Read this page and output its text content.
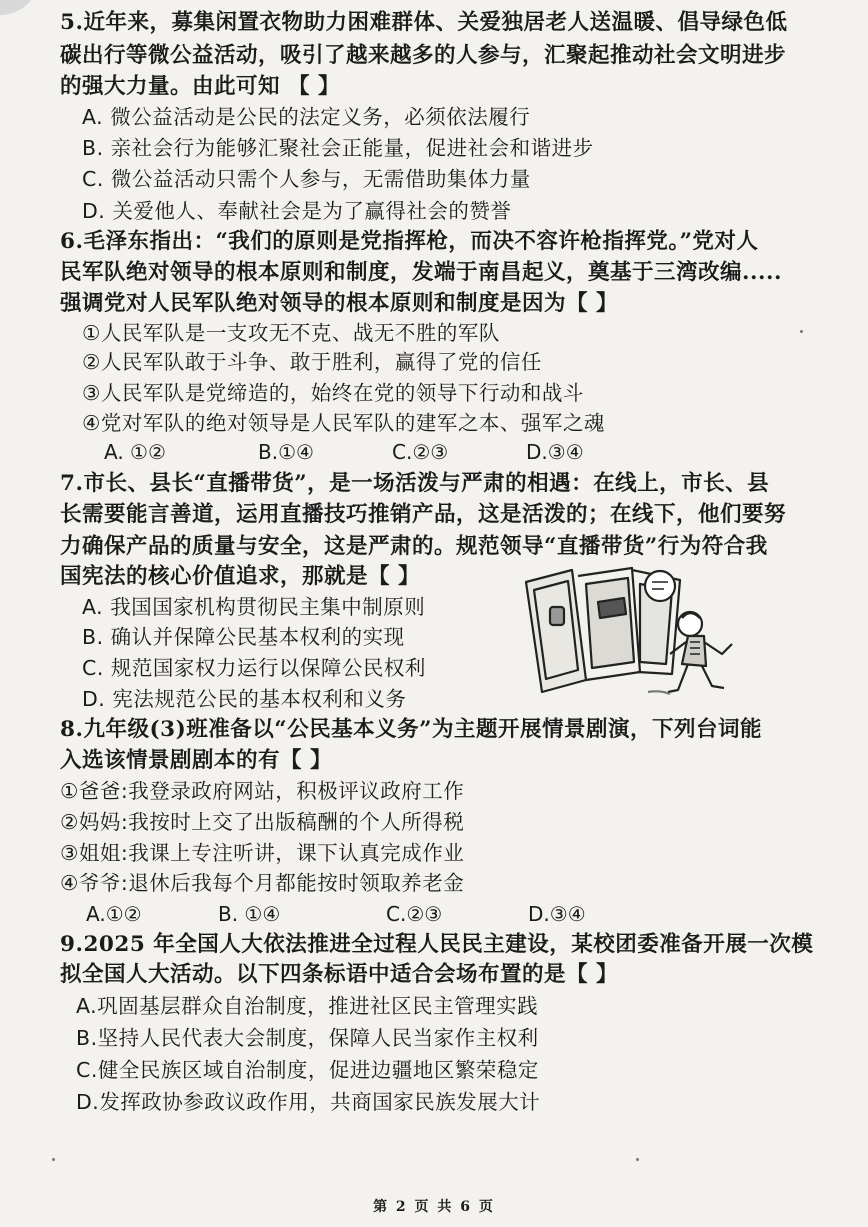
5.近年来，募集闲置衣物助力困难群体、关爱独居老人送温暖、倡导绿色低
碳出行等微公益活动，吸引了越来越多的人参与，汇聚起推动社会文明进步
的强大力量。由此可知 【 】
A. 微公益活动是公民的法定义务，必须依法履行
B. 亲社会行为能够汇聚社会正能量，促进社会和谐进步
C. 微公益活动只需个人参与，无需借助集体力量
D. 关爱他人、奉献社会是为了赢得社会的赞誉
6.毛泽东指出：“我们的原则是党指挥枪，而决不容许枪指挥党。”党对人
民军队绝对领导的根本原则和制度，发端于南昌起义，奠基于三湾改编.....
强调党对人民军队绝对领导的根本原则和制度是因为【 】
①人民军队是一支攻无不克、战无不胜的军队
②人民军队敢于斗争、敢于胜利，赢得了党的信任
③人民军队是党缔造的，始终在党的领导下行动和战斗
④党对军队的绝对领导是人民军队的建军之本、强军之魂
A. ①②	B.①④	C.②③	D.③④
7.市长、县长“直播带货”，是一场活泼与严肃的相遇：在线上，市长、县
长需要能言善道，运用直播技巧推销产品，这是活泼的；在线下，他们要努
力确保产品的质量与安全，这是严肃的。规范领导“直播带货”行为符合我
国宪法的核心价值追求，那就是【 】
A. 我国国家机构贯彻民主集中制原则
B. 确认并保障公民基本权利的实现
C. 规范国家权力运行以保障公民权利
D. 宪法规范公民的基本权利和义务
8.九年级(3)班准备以“公民基本义务”为主题开展情景剧演，下列台词能
入选该情景剧剧本的有【 】
①爸爸:我登录政府网站，积极评议政府工作
②妈妈:我按时上交了出版稿酬的个人所得税
③姐姐:我课上专注听讲，课下认真完成作业
④爷爷:退休后我每个月都能按时领取养老金
A.①②	B. ①④	C.②③	D.③④
9.2025 年全国人大依法推进全过程人民民主建设，某校团委准备开展一次模
拟全国人大活动。以下四条标语中适合会场布置的是【 】
A.巩固基层群众自治制度，推进社区民主管理实践
B.坚持人民代表大会制度，保障人民当家作主权利
C.健全民族区域自治制度，促进边疆地区繁荣稳定
D.发挥政协参政议政作用，共商国家民族发展大计
第 2 页 共 6 页
